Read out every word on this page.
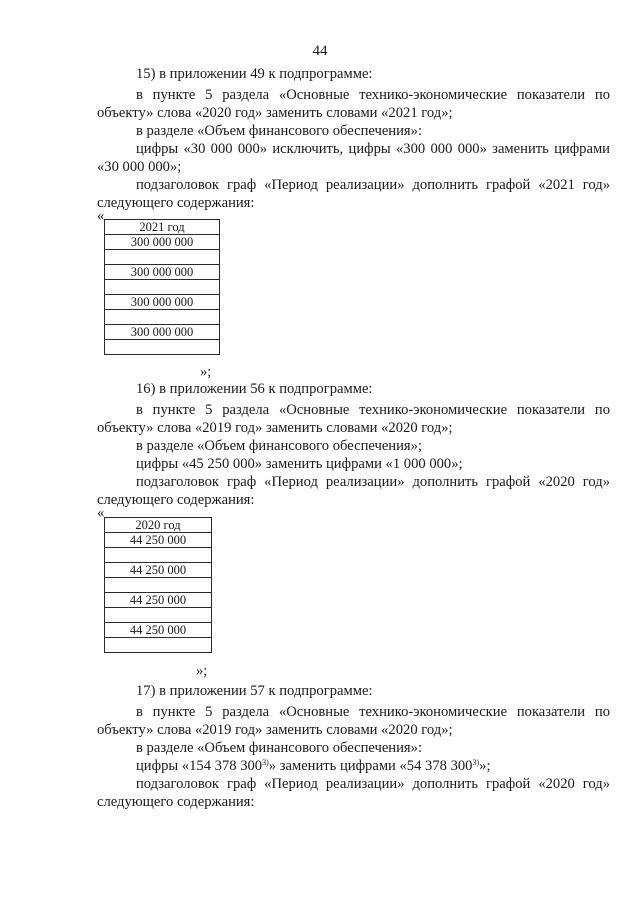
44
15) в приложении 49 к подпрограмме:
в пункте 5 раздела «Основные технико-экономические показатели по
объекту» слова «2020 год» заменить словами «2021 год»;
в разделе «Объем финансового обеспечения»:
цифры «30 000 000» исключить, цифры «300 000 000» заменить цифрами
«30 000 000»;
подзаголовок граф «Период реализации» дополнить графой «2021 год»
следующего содержания:
«
2021 год
300 000 000

300 000 000

300 000 000

300 000 000

»;
16) в приложении 56 к подпрограмме:
в пункте 5 раздела «Основные технико-экономические показатели по
объекту» слова «2019 год» заменить словами «2020 год»;
в разделе «Объем финансового обеспечения»;
цифры «45 250 000» заменить цифрами «1 000 000»;
подзаголовок граф «Период реализации» дополнить графой «2020 год»
следующего содержания:
«
2020 год
44 250 000

44 250 000

44 250 000

44 250 000

»;
17) в приложении 57 к подпрограмме:
в пункте 5 раздела «Основные технико-экономические показатели по
объекту» слова «2019 год» заменить словами «2020 год»;
в разделе «Объем финансового обеспечения»:
цифры «154 378 300$^{3)}$» заменить цифрами «54 378 300$^{3)}$»;
подзаголовок граф «Период реализации» дополнить графой «2020 год»
следующего содержания:
